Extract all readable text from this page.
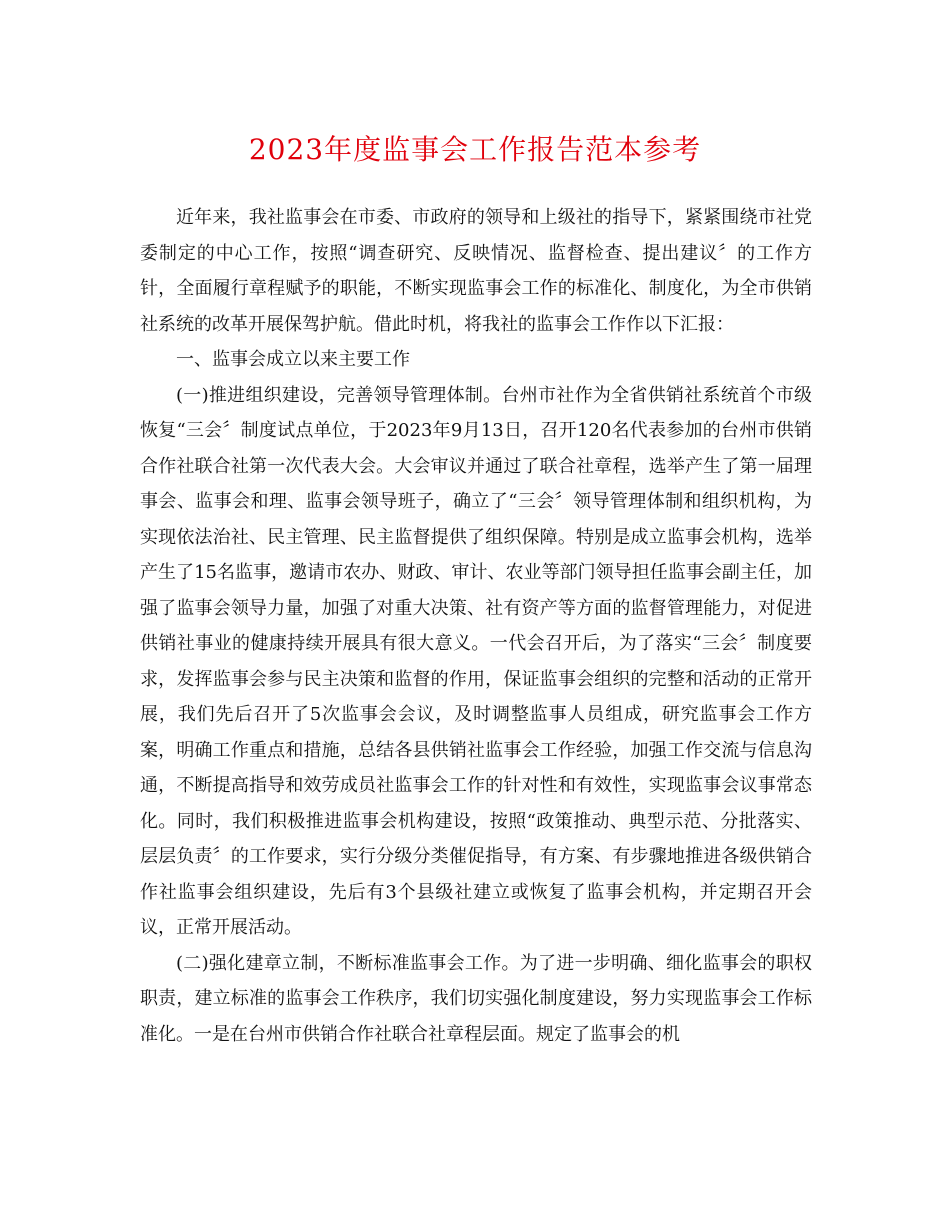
2023年度监事会工作报告范本参考

近年来，我社监事会在市委、市政府的领导和上级社的指导下，紧紧围绕市社党委制定的中心工作，按照“调查研究、反映情况、监督检查、提出建议〞的工作方针，全面履行章程赋予的职能，不断实现监事会工作的标准化、制度化，为全市供销社系统的改革开展保驾护航。借此时机，将我社的监事会工作作以下汇报：

一、监事会成立以来主要工作

(一)推进组织建设，完善领导管理体制。台州市社作为全省供销社系统首个市级恢复“三会〞制度试点单位，于2023年9月13日，召开120名代表参加的台州市供销合作社联合社第一次代表大会。大会审议并通过了联合社章程，选举产生了第一届理事会、监事会和理、监事会领导班子，确立了“三会〞领导管理体制和组织机构，为实现依法治社、民主管理、民主监督提供了组织保障。特别是成立监事会机构，选举产生了15名监事，邀请市农办、财政、审计、农业等部门领导担任监事会副主任，加强了监事会领导力量，加强了对重大决策、社有资产等方面的监督管理能力，对促进供销社事业的健康持续开展具有很大意义。一代会召开后，为了落实“三会〞制度要求，发挥监事会参与民主决策和监督的作用，保证监事会组织的完整和活动的正常开展，我们先后召开了5次监事会会议，及时调整监事人员组成，研究监事会工作方案，明确工作重点和措施，总结各县供销社监事会工作经验，加强工作交流与信息沟通，不断提高指导和效劳成员社监事会工作的针对性和有效性，实现监事会议事常态化。同时，我们积极推进监事会机构建设，按照“政策推动、典型示范、分批落实、层层负责〞的工作要求，实行分级分类催促指导，有方案、有步骤地推进各级供销合作社监事会组织建设，先后有3个县级社建立或恢复了监事会机构，并定期召开会议，正常开展活动。

(二)强化建章立制，不断标准监事会工作。为了进一步明确、细化监事会的职权职责，建立标准的监事会工作秩序，我们切实强化制度建设，努力实现监事会工作标准化。一是在台州市供销合作社联合社章程层面。规定了监事会的机
